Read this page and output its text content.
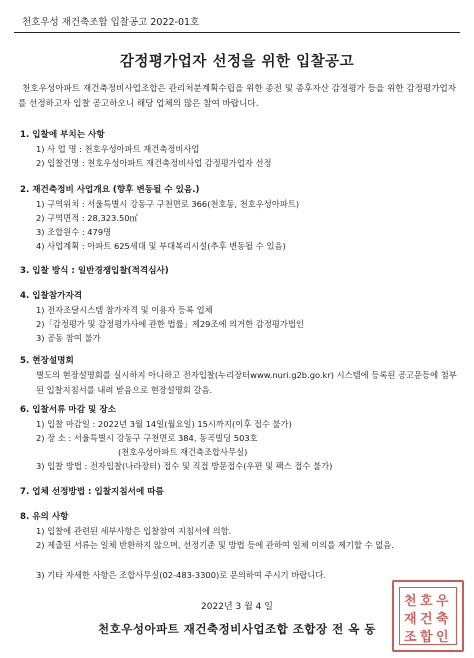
천호우성 재건축조합 입찰공고 2022-01호
감정평가업자 선정을 위한 입찰공고
천호우성아파트 재건축정비사업조합은 관리처분계획수립을 위한 종전 및 종후자산 감정평가 등을 위한 감정평가업자를 선정하고자 입찰 공고하오니 해당 업체의 많은 참여 바랍니다.
1. 입찰에 부치는 사항
1) 사 업 명 : 천호우성아파트 재건축정비사업
2) 입찰건명 : 천호우성아파트 재건축정비사업 감정평가업자 선정
2. 재건축정비 사업개요 (향후 변동될 수 있음.)
1) 구역위치 : 서울특별시 강동구 구천면로 366(천호동, 천호우성아파트)
2) 구역면적 : 28,323.50㎡
3) 조합원수 : 479명
4) 사업계획 : 아파트 625세대 및 부대복리시설(추후 변동될 수 있음)
3. 입찰 방식 : 일반경쟁입찰(적격심사)
4. 입찰참가자격
1) 전자조달시스템 참가자격 및 이용자 등록 업체
2)「감정평가 및 감정평가사에 관한 법률」제29조에 의거한 감정평가법인
3) 공동 참여 불가
5. 현장설명회
별도의 현장설명회를 실시하지 아니하고 전자입찰(누리장터www.nuri.g2b.go.kr) 시스템에 등록된 공고문등에 첨부된 입찰지침서를 내려 받음으로 현장설명회 갈음.
6. 입찰서류 마감 및 장소
1) 입찰 마감일 : 2022년 3월 14일(월요일) 15시까지(이후 접수 불가)
2) 장 소 : 서울특별시 강동구 구천면로 384, 동곡빌딩 503호
(천호우성아파트 재건축조합사무실)
3) 입찰 방법 : 전자입찰(나라장터) 접수 및 직접 방문접수(우편 및 팩스 접수 불가)
7. 업체 선정방법 : 입찰지침서에 따름
8. 유의 사항
1) 입찰에 관련된 세부사항은 입찰참여 지침서에 의함.
2) 제출된 서류는 일체 반환하지 않으며, 선정기준 및 방법 등에 관하여 일체 이의를 제기할 수 없음.
3) 기타 자세한 사항은 조합사무실(02-483-3300)로 문의하여 주시기 바랍니다.
2022년 3 월 4 일
천호우성아파트 재건축정비사업조합 조합장 전 옥 동
천 호 우
재 건 축
조 합 인
